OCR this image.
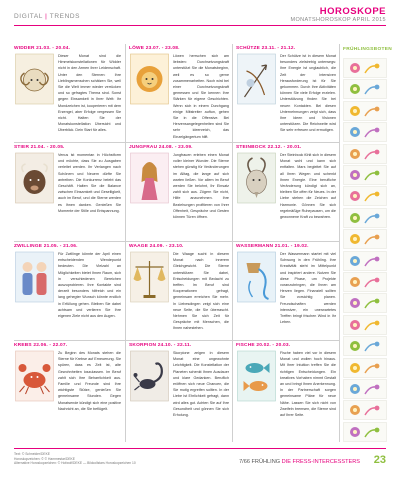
DIGITAL | TRENDS	HOROSKOPE
MONATSHOROSKOP APRIL 2015
WIDDER 21.03. - 20.04.
Dieser Monat sind die Himmelskonstellationen für Widder nicht in den Armen ihrer Leidenschaft. Unter den Sternen: Ihre Lieblingsmenschen schätzen Sie, weil Sie die Welt immer wieder verrücken und so gefragtes Thema sind. Sonst gegen Einsamkeit in Ihrer Welt: Ihr Mondzeichen ist, kooperieren mit dem Erzengel, aber Erfolge vergessen Sie nicht. Halten Sie der Monatskonstellation Übersicht und Überblick. Dein Start für alles.
LÖWE 23.07. - 23.08.
Löwen herrschen sich am liebsten: Durchsetzungskraft unterstützt Sie die Monatsbeginn, weil es so gerne zusammenarbeiten. Noch wird bei einer Durchsetzungskraft gemessen und Sie kennen Ihre Stärken für eigene Geschichten. Wenn sich in einem Durchgang einige Mitstreiter auftun, gehen Sie in die Offensive. Bei Herzensangelegenheiten sind Sie sehr ideenreich, das Einzelgängertum hilft.
SCHÜTZE 23.11. - 21.12.
Der Schütze ist in diesem Monat besonders zielstrebig unterwegs: Ihre Energie ist unglaublich, die Zeit der intensiven Herausforderung ist für Sie gekommen. Durch Ihre Aktivitäten können Sie viele Erfolge erzielen. Unterstützung finden Sie bei neuen Kontakten. Bei diesen Unternehmungen zeigt sich, dass Ihre Ideen und Visionen unterstützen. Die Reichweite wird Sie sehr erfreuen und ermutigen.
STIER 21.04. - 20.05.
Venus ist momentan in Höchstform und möchte, dass Sie zu Ausgaben verleitet werden. Ihr Verlangen nach Schönem und Neuem dürfte Sie antreiben. Die Konkurrenz belebt das Geschäft. Halten Sie die Balance zwischen Einsamkeit und Geselligkeit, auch im Beruf, und die Sterne werden es Ihnen danken. Genießen Sie Momente der Stille und Entspannung.
JUNGFRAU 24.08. - 23.09.
Jungfrauen erleben einen Monat voller kleiner Wunder. Die Sterne stehen günstig für Veränderungen im Alltag, die lange auf sich warten ließen. Vor allem im Beruf werden Sie belohnt, Ihr Einsatz zahlt sich aus. Zögern Sie nicht, Hilfe anzunehmen. Ihre Beziehungen profitieren von Ihrer Offenheit, Gespräche und Gesten können Türen öffnen.
STEINBOCK 22.12. - 20.01.
Der Steinbock fühlt sich in diesem Monat wohl und kann sich entfalten. Mars begleitet Sie auf all Ihren Wegen und schenkt Ihnen Energie. Eine berufliche Veränderung kündigt sich an, bleiben Sie offen für Neues. In der Liebe stehen die Zeichen auf Harmonie. Gönnen Sie sich regelmäßige Ruhepausen, um die gewonnene Kraft zu bewahren.
ZWILLINGE 21.05. - 21.06.
Für Zwillinge könnte der April einen entscheidenden Wendepunkt bedeuten. Die Vielzahl an Möglichkeiten bietet Ihnen Raum, sich in verschiedenen Bereichen auszuprobieren. Ihre Kontakte sind derzeit besonders hilfreich und ein lang gehegter Wunsch könnte endlich in Erfüllung gehen. Bleiben Sie dabei achtsam und verlieren Sie Ihre eigenen Ziele nicht aus den Augen.
WAAGE 24.09. - 23.10.
Die Waage sucht in diesem Monat nach innerem Gleichgewicht. Die Sterne unterstützen Sie dabei, Entscheidungen mit Bedacht zu treffen. Im Beruf sind Kooperationen gefragt, gemeinsam erreichen Sie mehr. In Liebesdingen zeigt sich eine neue Seite, die Sie überrascht. Nehmen Sie sich Zeit für Gespräche mit Menschen, die Ihnen nahestehen.
WASSERMANN 21.01. - 19.02.
Der Wassermann startet mit viel Schwung in den Frühling. Ihre Kreativität steht im Mittelpunkt und inspiriert andere. Nutzen Sie diese Phase, um Projekte voranzubringen, die Ihnen am Herzen liegen. Finanziell sollten Sie vorsichtig planen. Freundschaften werden intensiver, ein unerwartetes Treffen bringt frischen Wind in Ihr Leben.
KREBS 22.06. - 22.07.
Zu Beginn des Monats stehen die Sterne für Krebse auf Erneuerung. Sie spüren, dass es Zeit ist, alte Gewohnheiten loszulassen. Im Beruf zahlt sich Ihre Beharrlichkeit aus. Familie und Freunde sind Ihre wichtigste Stütze, genießen Sie gemeinsame Stunden. Gegen Monatsende kündigt sich eine positive Nachricht an, die Sie beflügelt.
SKORPION 24.10. - 22.11.
Skorpione zeigen in diesem Monat eine ungewohnte Leichtigkeit. Die Konstellation der Planeten schenkt Ihnen Ausdauer und klare Gedanken. Beruflich eröffnen sich neue Chancen, die Sie mutig ergreifen sollten. In der Liebe ist Ehrlichkeit gefragt, dann wird alles gut. Achten Sie auf Ihre Gesundheit und gönnen Sie sich Erholung.
FISCHE 20.02. - 20.03.
Fische haben viel vor in diesem Monat und wollen hoch hinaus. Mit Ihrer Intuition treffen Sie die richtigen Entscheidungen. Ein kreatives Vorhaben nimmt Gestalt an und bringt Ihnen Anerkennung. In der Partnerschaft sorgen gemeinsame Pläne für neue Nähe. Lassen Sie sich nicht von Zweifeln bremsen, die Sterne sind auf Ihrer Seite.
FRÜHLINGSBOTEN
Text: © Schneider/DEKE
Horoskopzeichen: © © Hammestar/DEKE
Alternative Horoskopzeichen: © Hofwolf/DEKE — Bildcollstars Horoskopzeichen 10	7/66 FRÜHLING DIE FRESS-INTERCESSTERS 23
